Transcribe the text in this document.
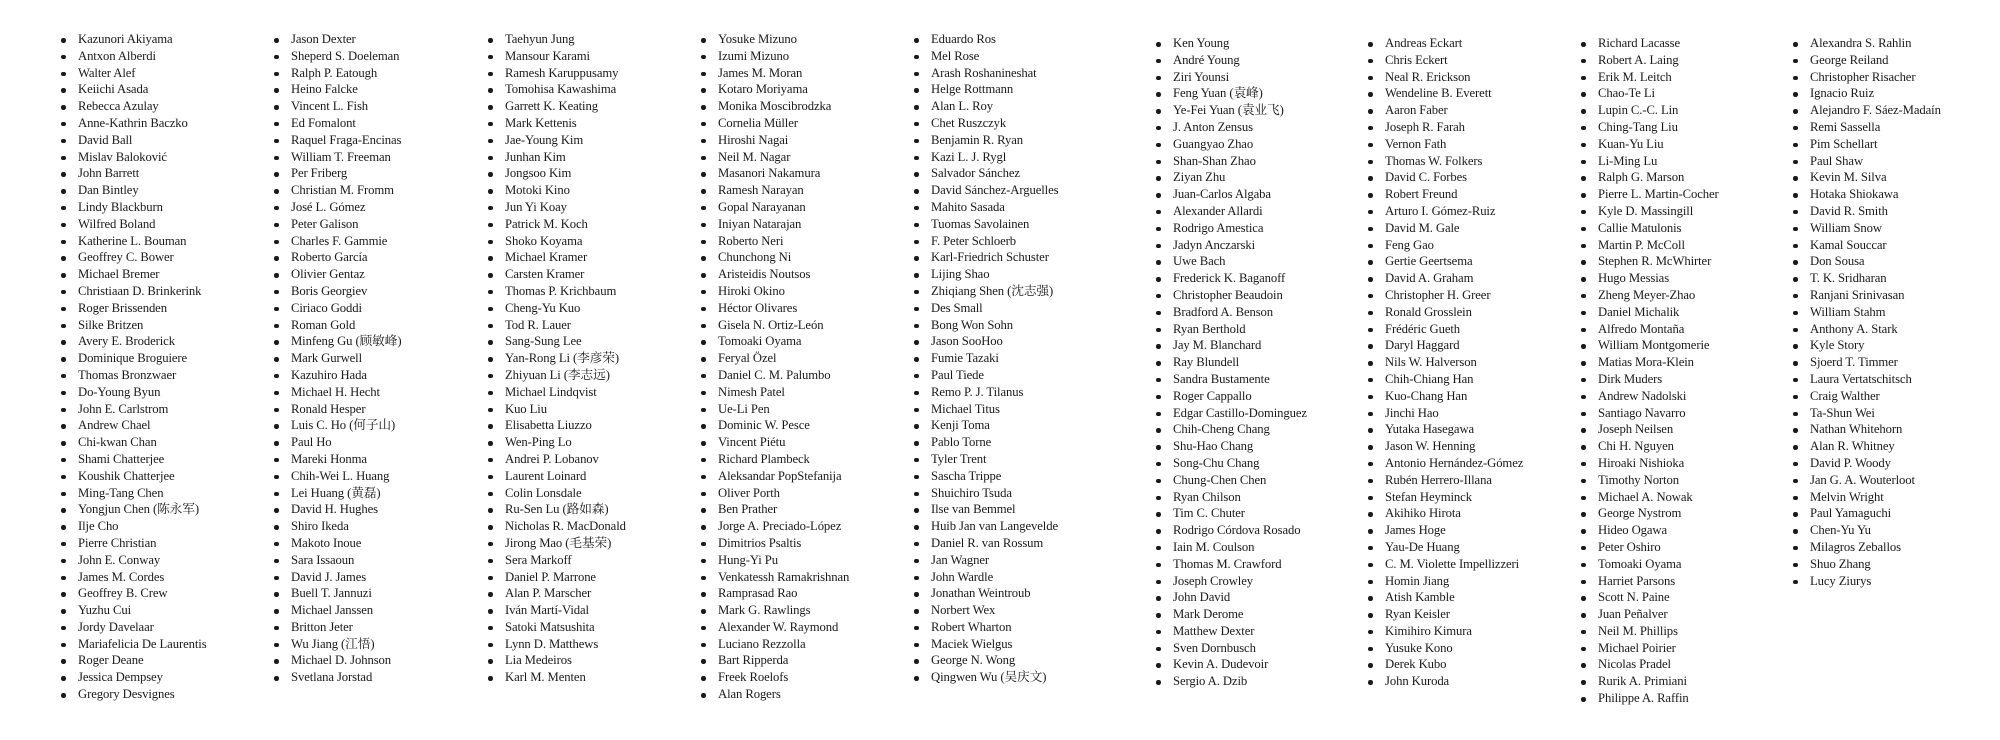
Kazunori Akiyama
Antxon Alberdi
Walter Alef
Keiichi Asada
Rebecca Azulay
Anne-Kathrin Baczko
David Ball
Mislav Baloković
John Barrett
Dan Bintley
Lindy Blackburn
Wilfred Boland
Katherine L. Bouman
Geoffrey C. Bower
Michael Bremer
Christiaan D. Brinkerink
Roger Brissenden
Silke Britzen
Avery E. Broderick
Dominique Broguiere
Thomas Bronzwaer
Do-Young Byun
John E. Carlstrom
Andrew Chael
Chi-kwan Chan
Shami Chatterjee
Koushik Chatterjee
Ming-Tang Chen
Yongjun Chen (陈永军)
Ilje Cho
Pierre Christian
John E. Conway
James M. Cordes
Geoffrey B. Crew
Yuzhu Cui
Jordy Davelaar
Mariafelicia De Laurentis
Roger Deane
Jessica Dempsey
Gregory Desvignes
Jason Dexter
Sheperd S. Doeleman
Ralph P. Eatough
Heino Falcke
Vincent L. Fish
Ed Fomalont
Raquel Fraga-Encinas
William T. Freeman
Per Friberg
Christian M. Fromm
José L. Gómez
Peter Galison
Charles F. Gammie
Roberto García
Olivier Gentaz
Boris Georgiev
Ciriaco Goddi
Roman Gold
Minfeng Gu (顾敏峰)
Mark Gurwell
Kazuhiro Hada
Michael H. Hecht
Ronald Hesper
Luis C. Ho (何子山)
Paul Ho
Mareki Honma
Chih-Wei L. Huang
Lei Huang (黄磊)
David H. Hughes
Shiro Ikeda
Makoto Inoue
Sara Issaoun
David J. James
Buell T. Jannuzi
Michael Janssen
Britton Jeter
Wu Jiang (江悟)
Michael D. Johnson
Svetlana Jorstad
Taehyun Jung
Mansour Karami
Ramesh Karuppusamy
Tomohisa Kawashima
Garrett K. Keating
Mark Kettenis
Jae-Young Kim
Junhan Kim
Jongsoo Kim
Motoki Kino
Jun Yi Koay
Patrick M. Koch
Shoko Koyama
Michael Kramer
Carsten Kramer
Thomas P. Krichbaum
Cheng-Yu Kuo
Tod R. Lauer
Sang-Sung Lee
Yan-Rong Li (李彦荣)
Zhiyuan Li (李志远)
Michael Lindqvist
Kuo Liu
Elisabetta Liuzzo
Wen-Ping Lo
Andrei P. Lobanov
Laurent Loinard
Colin Lonsdale
Ru-Sen Lu (路如森)
Nicholas R. MacDonald
Jirong Mao (毛基荣)
Sera Markoff
Daniel P. Marrone
Alan P. Marscher
Iván Martí-Vidal
Satoki Matsushita
Lynn D. Matthews
Lia Medeiros
Karl M. Menten
Yosuke Mizuno
Izumi Mizuno
James M. Moran
Kotaro Moriyama
Monika Moscibrodzka
Cornelia Müller
Hiroshi Nagai
Neil M. Nagar
Masanori Nakamura
Ramesh Narayan
Gopal Narayanan
Iniyan Natarajan
Roberto Neri
Chunchong Ni
Aristeidis Noutsos
Hiroki Okino
Héctor Olivares
Gisela N. Ortiz-León
Tomoaki Oyama
Feryal Özel
Daniel C. M. Palumbo
Nimesh Patel
Ue-Li Pen
Dominic W. Pesce
Vincent Piétu
Richard Plambeck
Aleksandar PopStefanija
Oliver Porth
Ben Prather
Jorge A. Preciado-López
Dimitrios Psaltis
Hung-Yi Pu
Venkatessh Ramakrishnan
Ramprasad Rao
Mark G. Rawlings
Alexander W. Raymond
Luciano Rezzolla
Bart Ripperda
Freek Roelofs
Alan Rogers
Eduardo Ros
Mel Rose
Arash Roshanineshat
Helge Rottmann
Alan L. Roy
Chet Ruszczyk
Benjamin R. Ryan
Kazi L. J. Rygl
Salvador Sánchez
David Sánchez-Arguelles
Mahito Sasada
Tuomas Savolainen
F. Peter Schloerb
Karl-Friedrich Schuster
Lijing Shao
Zhiqiang Shen (沈志强)
Des Small
Bong Won Sohn
Jason SooHoo
Fumie Tazaki
Paul Tiede
Remo P. J. Tilanus
Michael Titus
Kenji Toma
Pablo Torne
Tyler Trent
Sascha Trippe
Shuichiro Tsuda
Ilse van Bemmel
Huib Jan van Langevelde
Daniel R. van Rossum
Jan Wagner
John Wardle
Jonathan Weintroub
Norbert Wex
Robert Wharton
Maciek Wielgus
George N. Wong
Qingwen Wu (吴庆文)
Ken Young
André Young
Ziri Younsi
Feng Yuan (袁峰)
Ye-Fei Yuan (袁业飞)
J. Anton Zensus
Guangyao Zhao
Shan-Shan Zhao
Ziyan Zhu
Juan-Carlos Algaba
Alexander Allardi
Rodrigo Amestica
Jadyn Anczarski
Uwe Bach
Frederick K. Baganoff
Christopher Beaudoin
Bradford A. Benson
Ryan Berthold
Jay M. Blanchard
Ray Blundell
Sandra Bustamente
Roger Cappallo
Edgar Castillo-Dominguez
Chih-Cheng Chang
Shu-Hao Chang
Song-Chu Chang
Chung-Chen Chen
Ryan Chilson
Tim C. Chuter
Rodrigo Córdova Rosado
Iain M. Coulson
Thomas M. Crawford
Joseph Crowley
John David
Mark Derome
Matthew Dexter
Sven Dornbusch
Kevin A. Dudevoir
Sergio A. Dzib
Andreas Eckart
Chris Eckert
Neal R. Erickson
Wendeline B. Everett
Aaron Faber
Joseph R. Farah
Vernon Fath
Thomas W. Folkers
David C. Forbes
Robert Freund
Arturo I. Gómez-Ruiz
David M. Gale
Feng Gao
Gertie Geertsema
David A. Graham
Christopher H. Greer
Ronald Grosslein
Frédéric Gueth
Daryl Haggard
Nils W. Halverson
Chih-Chiang Han
Kuo-Chang Han
Jinchi Hao
Yutaka Hasegawa
Jason W. Henning
Antonio Hernández-Gómez
Rubén Herrero-Illana
Stefan Heyminck
Akihiko Hirota
James Hoge
Yau-De Huang
C. M. Violette Impellizzeri
Homin Jiang
Atish Kamble
Ryan Keisler
Kimihiro Kimura
Yusuke Kono
Derek Kubo
John Kuroda
Richard Lacasse
Robert A. Laing
Erik M. Leitch
Chao-Te Li
Lupin C.-C. Lin
Ching-Tang Liu
Kuan-Yu Liu
Li-Ming Lu
Ralph G. Marson
Pierre L. Martin-Cocher
Kyle D. Massingill
Callie Matulonis
Martin P. McColl
Stephen R. McWhirter
Hugo Messias
Zheng Meyer-Zhao
Daniel Michalik
Alfredo Montaña
William Montgomerie
Matias Mora-Klein
Dirk Muders
Andrew Nadolski
Santiago Navarro
Joseph Neilsen
Chi H. Nguyen
Hiroaki Nishioka
Timothy Norton
Michael A. Nowak
George Nystrom
Hideo Ogawa
Peter Oshiro
Tomoaki Oyama
Harriet Parsons
Scott N. Paine
Juan Peñalver
Neil M. Phillips
Michael Poirier
Nicolas Pradel
Rurik A. Primiani
Philippe A. Raffin
Alexandra S. Rahlin
George Reiland
Christopher Risacher
Ignacio Ruiz
Alejandro F. Sáez-Madaín
Remi Sassella
Pim Schellart
Paul Shaw
Kevin M. Silva
Hotaka Shiokawa
David R. Smith
William Snow
Kamal Souccar
Don Sousa
T. K. Sridharan
Ranjani Srinivasan
William Stahm
Anthony A. Stark
Kyle Story
Sjoerd T. Timmer
Laura Vertatschitsch
Craig Walther
Ta-Shun Wei
Nathan Whitehorn
Alan R. Whitney
David P. Woody
Jan G. A. Wouterloot
Melvin Wright
Paul Yamaguchi
Chen-Yu Yu
Milagros Zeballos
Shuo Zhang
Lucy Ziurys
